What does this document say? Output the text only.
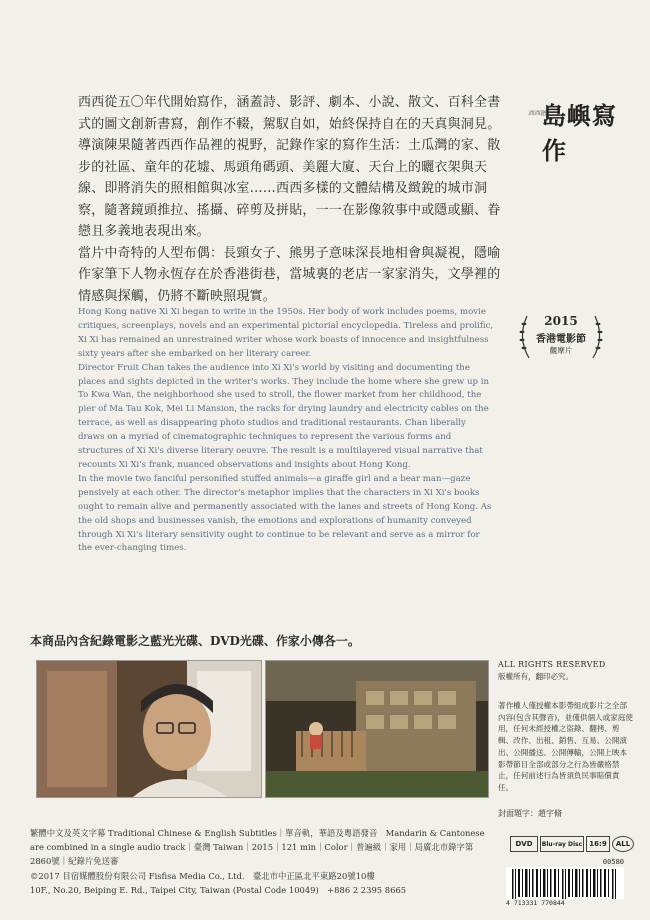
西西從五〇年代開始寫作，涵蓋詩、影評、劇本、小說、散文、百科全書式的圖文創新書寫，創作不輟，駕馭自如，始終保持自在的天真與洞見。

導演陳果隨著西西作品裡的視野，記錄作家的寫作生活：土瓜灣的家、散步的社區、童年的花墟、馬頭角碼頭、美麗大廈、天台上的曬衣架與天線、即將消失的照相館與冰室……西西多樣的文體結構及緻銳的城市洞察，隨著鏡頭推拉、搖攝、碎剪及拼貼，一一在影像敘事中或隱或顯、眷戀且多義地表現出來。

當片中奇特的人型布偶：長頸女子、熊男子意味深長地相會與凝視，隱喻作家筆下人物永恆存在於香港街巷，當城裏的老店一家家消失，文學裡的情感與探觸，仍將不斷映照現實。

西西題
島嶼寫作

Hong Kong native Xi Xi began to write in the 1950s. Her body of work includes poems, movie critiques, screenplays, novels and an experimental pictorial encyclopedia. Tireless and prolific, Xi Xi has remained an unrestrained writer whose work boasts of innocence and insightfulness sixty years after she embarked on her literary career.

Director Fruit Chan takes the audience into Xi Xi's world by visiting and documenting the places and sights depicted in the writer's works. They include the home where she grew up in To Kwa Wan, the neighborhood she used to stroll, the flower market from her childhood, the pier of Ma Tau Kok, Mei Li Mansion, the racks for drying laundry and electricity cables on the terrace, as well as disappearing photo studios and traditional restaurants. Chan liberally draws on a myriad of cinematographic techniques to represent the various forms and structures of Xi Xi's diverse literary oeuvre. The result is a multilayered visual narrative that recounts Xi Xi's frank, nuanced observations and insights about Hong Kong.

In the movie two fanciful personified stuffed animals—a giraffe girl and a bear man—gaze pensively at each other. The director's metaphor implies that the characters in Xi Xi's books ought to remain alive and permanently associated with the lanes and streets of Hong Kong. As the old shops and businesses vanish, the emotions and explorations of humanity conveyed through Xi Xi's literary sensitivity ought to continue to be relevant and serve as a mirror for the ever-changing times.

2015
香港電影節
觀摩片
本商品內含紀錄電影之藍光光碟、DVD光碟、作家小傳各一。
ALL RIGHTS RESERVED
版權所有，翻印必究。
著作權人僅授權本影帶組成影片之全部內容(包含其聲音)，並僅供個人或家庭使用，任何未經授權之盜錄、翻拷、剪輯、改作、出租、銷售、互易、公開演出、公開播送、公開傳輸，公開上映本影帶節目全部或部分之行為皆嚴格禁止，任何前述行為皆須負民事賠償責任。
封面題字：趙宇脩

繁體中文及英文字幕 Traditional Chinese & English Subtitles｜單音軌，華語及粵語發音　Mandarin & Cantonese are combined in a single audio track｜臺灣 Taiwan｜2015｜121 min｜Color｜普遍級｜家用｜局廣北市錄字第2860號｜紀錄片免送審

©2017 目宿媒體股份有限公司 Fisfisa Media Co., Ltd.　臺北市中正區北平東路20號10樓

10F., No.20, Beiping E. Rd., Taipei City, Taiwan (Postal Code 10049)　+886 2 2395 8665

DVD	Blu-ray Disc	16:9	ALL
00580
4 713331 770844
